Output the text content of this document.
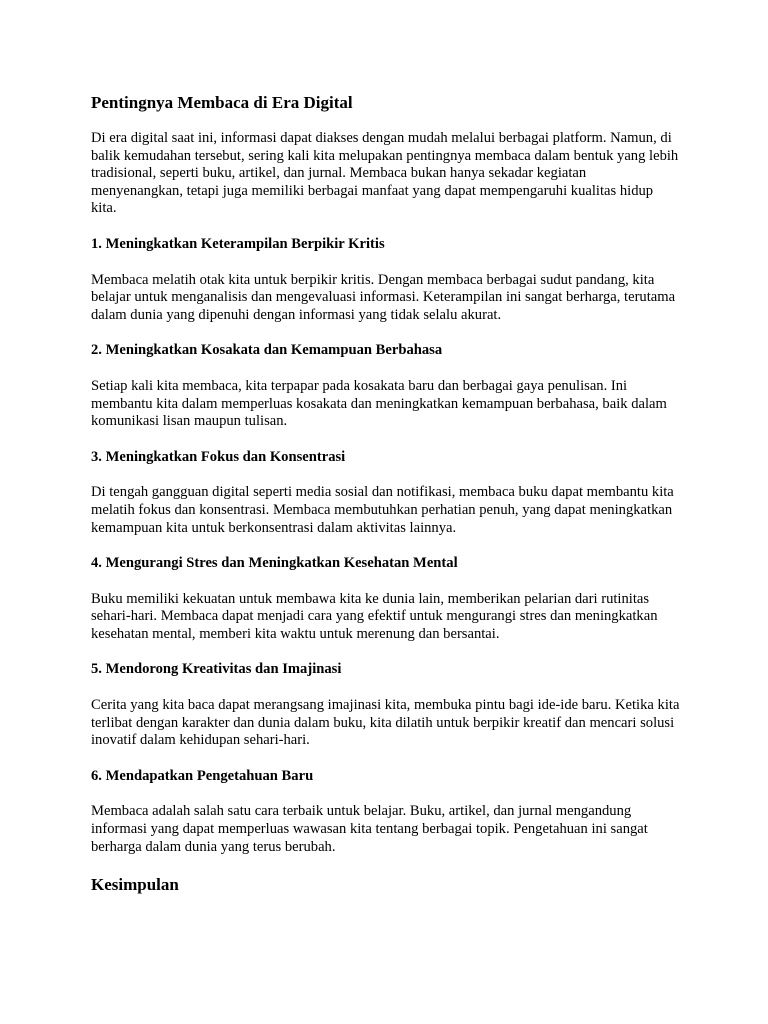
Pentingnya Membaca di Era Digital

Di era digital saat ini, informasi dapat diakses dengan mudah melalui berbagai platform. Namun, di balik kemudahan tersebut, sering kali kita melupakan pentingnya membaca dalam bentuk yang lebih tradisional, seperti buku, artikel, dan jurnal. Membaca bukan hanya sekadar kegiatan menyenangkan, tetapi juga memiliki berbagai manfaat yang dapat mempengaruhi kualitas hidup kita.

1. Meningkatkan Keterampilan Berpikir Kritis

Membaca melatih otak kita untuk berpikir kritis. Dengan membaca berbagai sudut pandang, kita belajar untuk menganalisis dan mengevaluasi informasi. Keterampilan ini sangat berharga, terutama dalam dunia yang dipenuhi dengan informasi yang tidak selalu akurat.

2. Meningkatkan Kosakata dan Kemampuan Berbahasa

Setiap kali kita membaca, kita terpapar pada kosakata baru dan berbagai gaya penulisan. Ini membantu kita dalam memperluas kosakata dan meningkatkan kemampuan berbahasa, baik dalam komunikasi lisan maupun tulisan.

3. Meningkatkan Fokus dan Konsentrasi

Di tengah gangguan digital seperti media sosial dan notifikasi, membaca buku dapat membantu kita melatih fokus dan konsentrasi. Membaca membutuhkan perhatian penuh, yang dapat meningkatkan kemampuan kita untuk berkonsentrasi dalam aktivitas lainnya.

4. Mengurangi Stres dan Meningkatkan Kesehatan Mental

Buku memiliki kekuatan untuk membawa kita ke dunia lain, memberikan pelarian dari rutinitas sehari-hari. Membaca dapat menjadi cara yang efektif untuk mengurangi stres dan meningkatkan kesehatan mental, memberi kita waktu untuk merenung dan bersantai.

5. Mendorong Kreativitas dan Imajinasi

Cerita yang kita baca dapat merangsang imajinasi kita, membuka pintu bagi ide-ide baru. Ketika kita terlibat dengan karakter dan dunia dalam buku, kita dilatih untuk berpikir kreatif dan mencari solusi inovatif dalam kehidupan sehari-hari.

6. Mendapatkan Pengetahuan Baru

Membaca adalah salah satu cara terbaik untuk belajar. Buku, artikel, dan jurnal mengandung informasi yang dapat memperluas wawasan kita tentang berbagai topik. Pengetahuan ini sangat berharga dalam dunia yang terus berubah.

Kesimpulan
